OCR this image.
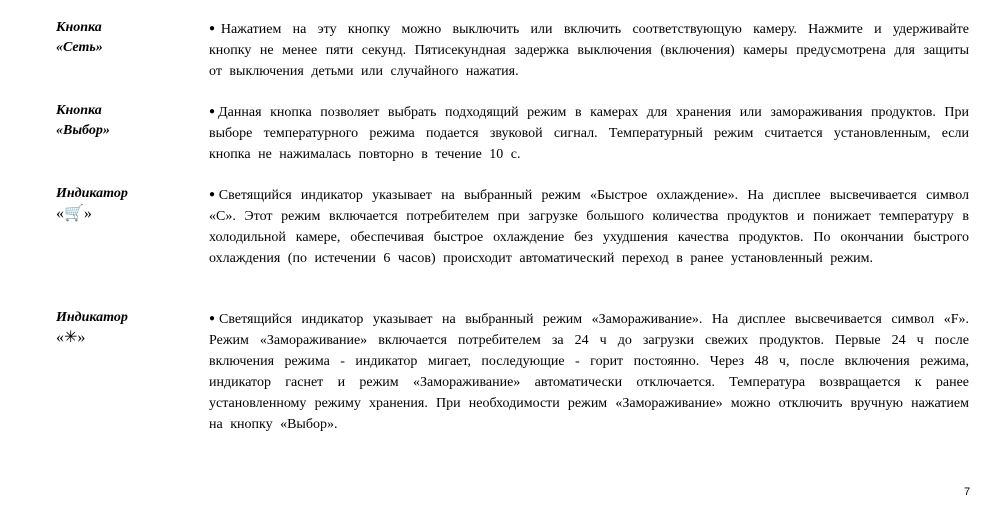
Кнопка
«Сеть»
● Нажатием на эту кнопку можно выключить или включить соответствующую камеру. Нажмите и удерживайте кнопку не менее пяти секунд. Пятисекундная задержка выключения (включения) камеры предусмотрена для защиты от выключения детьми или случайного нажатия.
Кнопка
«Выбор»
● Данная кнопка позволяет выбрать подходящий режим в камерах для хранения или замораживания продуктов. При выборе температурного режима подается звуковой сигнал. Температурный режим считается установленным, если кнопка не нажималась повторно в течение 10 с.
Индикатор
«🛒»
● Светящийся индикатор указывает на выбранный режим «Быстрое охлаждение». На дисплее высвечивается символ «С». Этот режим включается потребителем при загрузке большого количества продуктов и понижает температуру в холодильной камере, обеспечивая быстрое охлаждение без ухудшения качества продуктов. По окончании быстрого охлаждения (по истечении 6 часов) происходит автоматический переход в ранее установленный режим.
Индикатор
«✳»
● Светящийся индикатор указывает на выбранный режим «Замораживание». На дисплее высвечивается символ «F». Режим «Замораживание» включается потребителем за 24 ч до загрузки свежих продуктов. Первые 24 ч после включения режима - индикатор мигает, последующие - горит постоянно. Через 48 ч, после включения режима, индикатор гаснет и режим «Замораживание» автоматически отключается. Температура возвращается к ранее установленному режиму хранения. При необходимости режим «Замораживание» можно отключить вручную нажатием на кнопку «Выбор».
7
